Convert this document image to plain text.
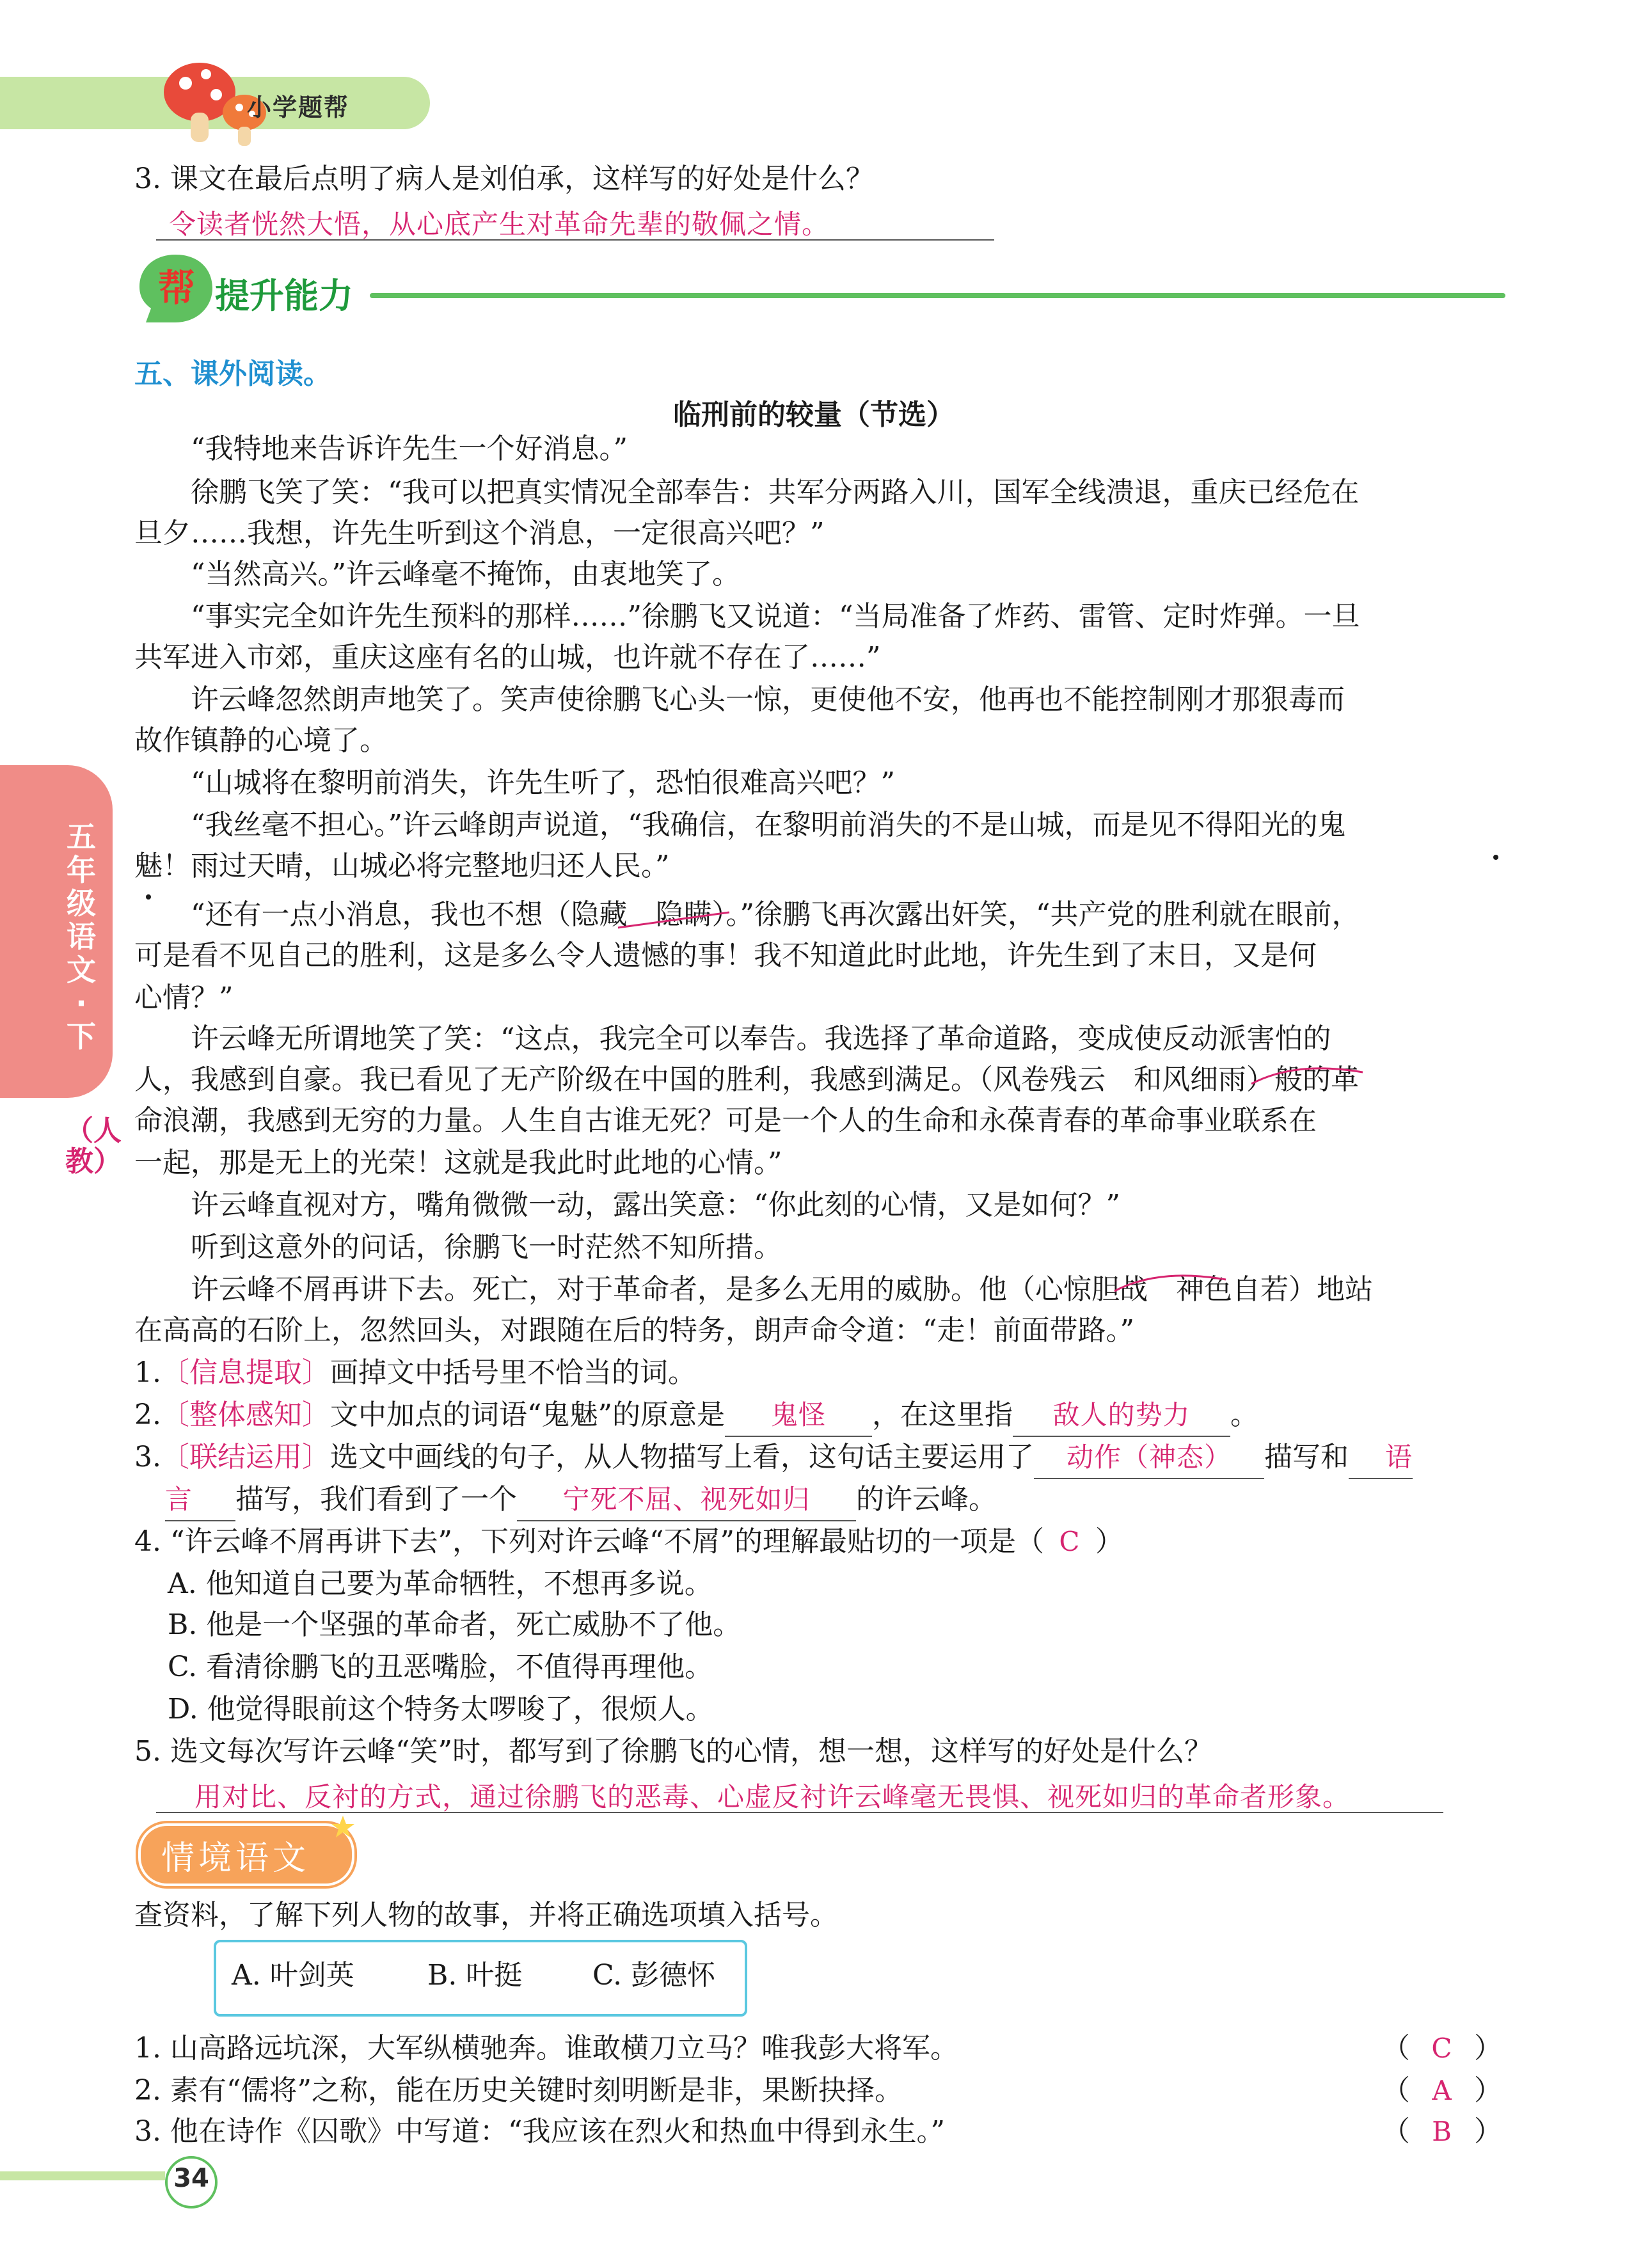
小学题帮
3. 课文在最后点明了病人是刘伯承，这样写的好处是什么？
令读者恍然大悟，从心底产生对革命先辈的敬佩之情。
帮 提升能力
五、课外阅读。
临刑前的较量（节选）
“我特地来告诉许先生一个好消息。”
徐鹏飞笑了笑：“我可以把真实情况全部奉告：共军分两路入川，国军全线溃退，重庆已经危在
旦夕……我想，许先生听到这个消息，一定很高兴吧？”
“当然高兴。”许云峰毫不掩饰，由衷地笑了。
“事实完全如许先生预料的那样……”徐鹏飞又说道：“当局准备了炸药、雷管、定时炸弹。一旦
共军进入市郊，重庆这座有名的山城，也许就不存在了……”
许云峰忽然朗声地笑了。笑声使徐鹏飞心头一惊，更使他不安，他再也不能控制刚才那狠毒而
故作镇静的心境了。
“山城将在黎明前消失，许先生听了，恐怕很难高兴吧？”
“我丝毫不担心。”许云峰朗声说道，“我确信，在黎明前消失的不是山城，而是见不得阳光的鬼
魅！雨过天晴，山城必将完整地归还人民。”
“还有一点小消息，我也不想（隐藏　隐瞒）。”徐鹏飞再次露出奸笑，“共产党的胜利就在眼前，
可是看不见自己的胜利，这是多么令人遗憾的事！我不知道此时此地，许先生到了末日，又是何
心情？”
许云峰无所谓地笑了笑：“这点，我完全可以奉告。我选择了革命道路，变成使反动派害怕的
人，我感到自豪。我已看见了无产阶级在中国的胜利，我感到满足。（风卷残云　和风细雨）般的革
命浪潮，我感到无穷的力量。人生自古谁无死？可是一个人的生命和永葆青春的革命事业联系在
一起，那是无上的光荣！这就是我此时此地的心情。”
许云峰直视对方，嘴角微微一动，露出笑意：“你此刻的心情，又是如何？”
听到这意外的问话，徐鹏飞一时茫然不知所措。
许云峰不屑再讲下去。死亡，对于革命者，是多么无用的威胁。他（心惊胆战　神色自若）地站
在高高的石阶上，忽然回头，对跟随在后的特务，朗声命令道：“走！前面带路。”
五年级语文·下
（人教）
1.〔信息提取〕画掉文中括号里不恰当的词。
2.〔整体感知〕文中加点的词语“鬼魅”的原意是 鬼怪 ，在这里指 敌人的势力 。
3.〔联结运用〕选文中画线的句子，从人物描写上看，这句话主要运用了 动作（神态） 描写和 语
言 描写，我们看到了一个 宁死不屈、视死如归 的许云峰。
4. “许云峰不屑再讲下去”，下列对许云峰“不屑”的理解最贴切的一项是（ C ）
A. 他知道自己要为革命牺牲，不想再多说。
B. 他是一个坚强的革命者，死亡威胁不了他。
C. 看清徐鹏飞的丑恶嘴脸，不值得再理他。
D. 他觉得眼前这个特务太啰唆了，很烦人。
5. 选文每次写许云峰“笑”时，都写到了徐鹏飞的心情，想一想，这样写的好处是什么？
用对比、反衬的方式，通过徐鹏飞的恶毒、心虚反衬许云峰毫无畏惧、视死如归的革命者形象。
情境语文
查资料，了解下列人物的故事，并将正确选项填入括号。
A. 叶剑英	B. 叶挺 C. 彭德怀
1. 山高路远坑深，大军纵横驰奔。谁敢横刀立马？唯我彭大将军。	（ C ）
2. 素有“儒将”之称，能在历史关键时刻明断是非，果断抉择。	（ A ）
3. 他在诗作《囚歌》中写道：“我应该在烈火和热血中得到永生。”	（ B ）
34
